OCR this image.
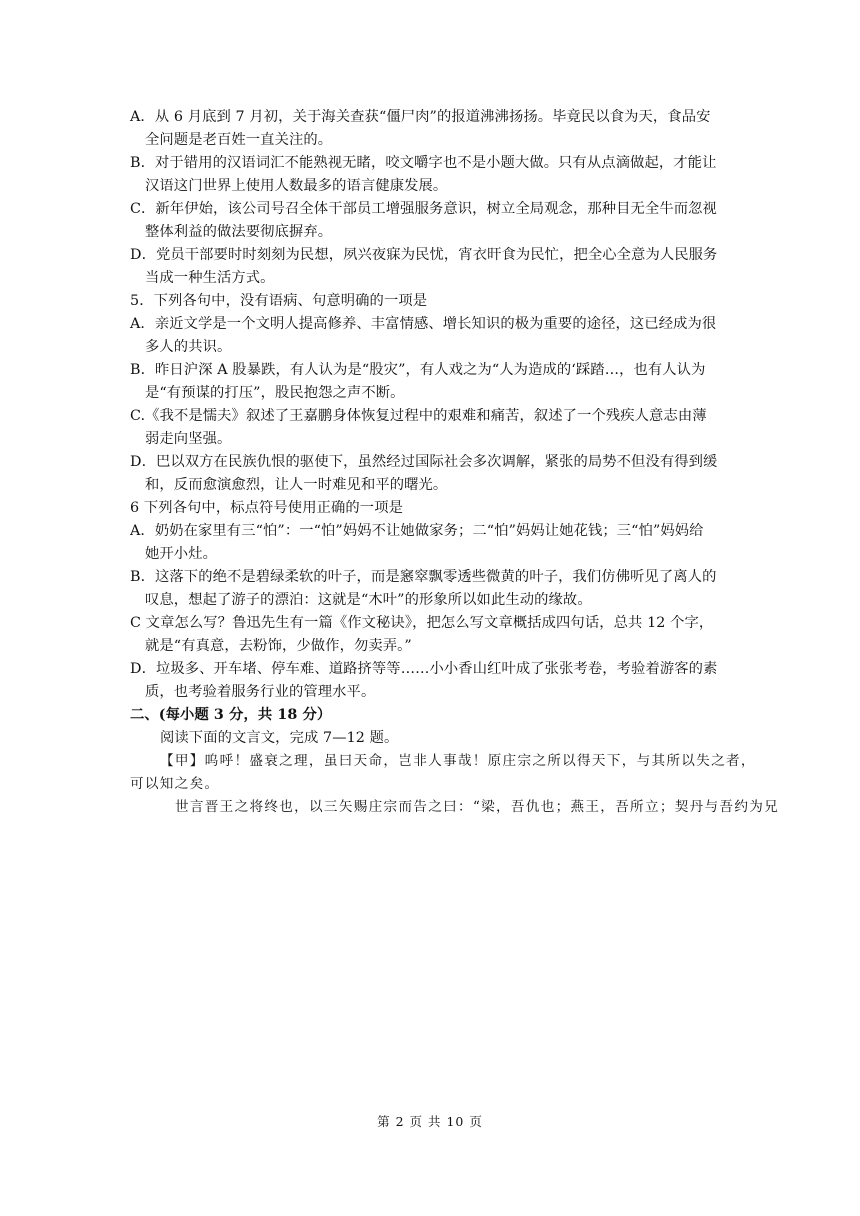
A．从 6 月底到 7 月初，关于海关查获“僵尸肉”的报道沸沸扬扬。毕竟民以食为天，食品安
全问题是老百姓一直关注的。
B．对于错用的汉语词汇不能熟视无睹，咬文嚼字也不是小题大做。只有从点滴做起，才能让
汉语这门世界上使用人数最多的语言健康发展。
C．新年伊始，该公司号召全体干部员工增强服务意识，树立全局观念，那种目无全牛而忽视
整体利益的做法要彻底摒弃。
D．党员干部要时时刻刻为民想，夙兴夜寐为民忧，宵衣旰食为民忙，把全心全意为人民服务
当成一种生活方式。
5．下列各句中，没有语病、句意明确的一项是
A．亲近文学是一个文明人提高修养、丰富情感、增长知识的极为重要的途径，这已经成为很
多人的共识。
B．昨日沪深 A 股暴跌，有人认为是“股灾”，有人戏之为“人为造成的‘踩踏…，也有人认为
是“有预谋的打压”，股民抱怨之声不断。
C.《我不是懦夫》叙述了王嘉鹏身体恢复过程中的艰难和痛苦，叙述了一个残疾人意志由薄
弱走向坚强。
D．巴以双方在民族仇恨的驱使下，虽然经过国际社会多次调解，紧张的局势不但没有得到缓
和，反而愈演愈烈，让人一时难见和平的曙光。
6 下列各句中，标点符号使用正确的一项是
A．奶奶在家里有三“怕”：一“怕”妈妈不让她做家务；二“怕”妈妈让她花钱；三“怕”妈妈给
她开小灶。
B．这落下的绝不是碧绿柔软的叶子，而是窸窣飘零透些微黄的叶子，我们仿佛听见了离人的
叹息，想起了游子的漂泊：这就是“木叶”的形象所以如此生动的缘故。
C 文章怎么写？鲁迅先生有一篇《作文秘诀》，把怎么写文章概括成四句话，总共 12 个字，
就是“有真意，去粉饰，少做作，勿卖弄。”
D．垃圾多、开车堵、停车难、道路挤等等……小小香山红叶成了张张考卷，考验着游客的素
质，也考验着服务行业的管理水平。
二、(每小题 3 分，共 18 分）
阅读下面的文言文，完成 7—12 题。
【甲】呜呼！盛衰之理，虽曰天命，岂非人事哉！原庄宗之所以得天下，与其所以失之者，
可以知之矣。
世言晋王之将终也，以三矢赐庄宗而告之曰：“梁，吾仇也；燕王，吾所立；契丹与吾约为兄
第 2 页 共 10 页
